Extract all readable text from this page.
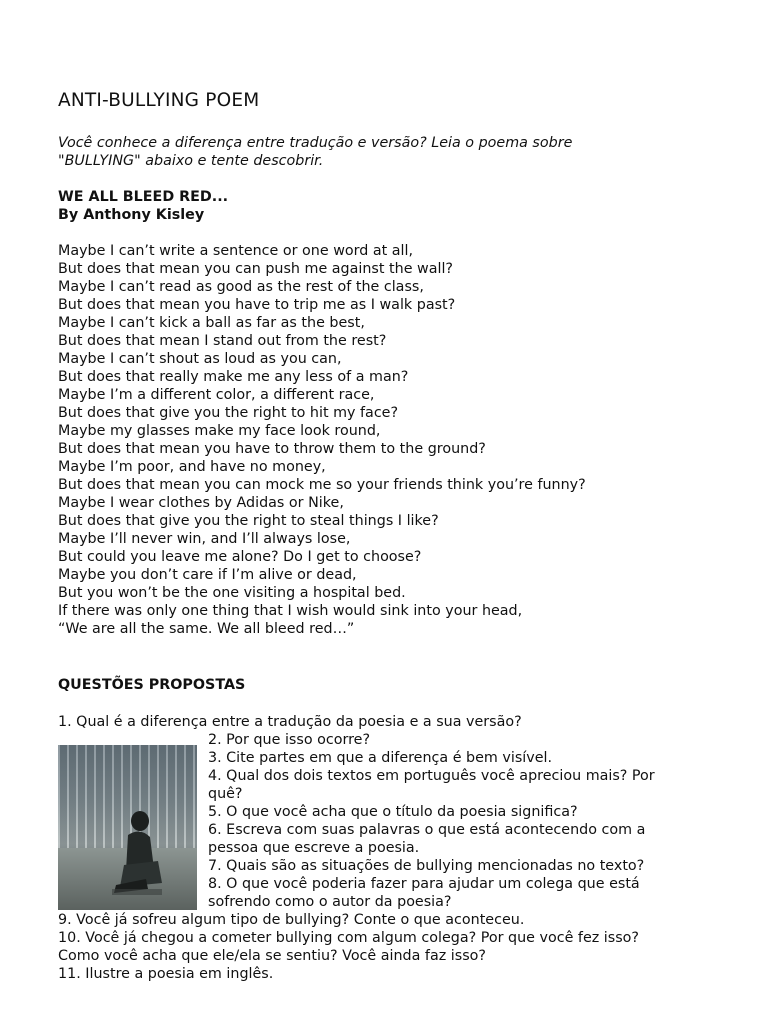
ANTI-BULLYING POEM
Você conhece a diferença entre tradução e versão? Leia o poema sobre
"BULLYING" abaixo e tente descobrir.
WE ALL BLEED RED...
By Anthony Kisley
Maybe I can’t write a sentence or one word at all,
But does that mean you can push me against the wall?
Maybe I can’t read as good as the rest of the class,
But does that mean you have to trip me as I walk past?
Maybe I can’t kick a ball as far as the best,
But does that mean I stand out from the rest?
Maybe I can’t shout as loud as you can,
But does that really make me any less of a man?
Maybe I’m a different color, a different race,
But does that give you the right to hit my face?
Maybe my glasses make my face look round,
But does that mean you have to throw them to the ground?
Maybe I’m poor, and have no money,
But does that mean you can mock me so your friends think you’re funny?
Maybe I wear clothes by Adidas or Nike,
But does that give you the right to steal things I like?
Maybe I’ll never win, and I’ll always lose,
But could you leave me alone? Do I get to choose?
Maybe you don’t care if I’m alive or dead,
But you won’t be the one visiting a hospital bed.
If there was only one thing that I wish would sink into your head,
“We are all the same. We all bleed red…”
QUESTÕES PROPOSTAS
1. Qual é a diferença entre a tradução da poesia e a sua versão?
2. Por que isso ocorre?
3. Cite partes em que a diferença é bem visível.
4. Qual dos dois textos em português você apreciou mais? Por
quê?
5. O que você acha que o título da poesia significa?
6. Escreva com suas palavras o que está acontecendo com a
pessoa que escreve a poesia.
7. Quais são as situações de bullying mencionadas no texto?
8. O que você poderia fazer para ajudar um colega que está
sofrendo como o autor da poesia?
9. Você já sofreu algum tipo de bullying? Conte o que aconteceu.
10. Você já chegou a cometer bullying com algum colega? Por que você fez isso?
Como você acha que ele/ela se sentiu? Você ainda faz isso?
11. Ilustre a poesia em inglês.
